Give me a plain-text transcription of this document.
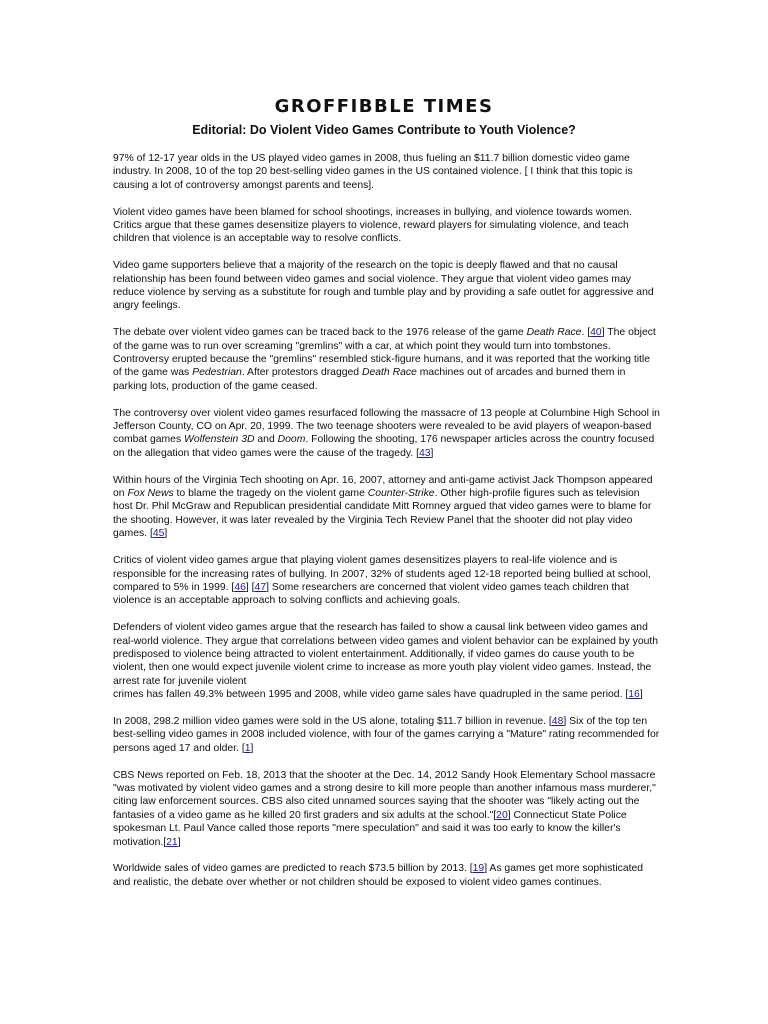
GROFFIBBLE TIMES
Editorial: Do Violent Video Games Contribute to Youth Violence?

97% of 12-17 year olds in the US played video games in 2008, thus fueling an $11.7 billion domestic video game industry. In 2008, 10 of the top 20 best-selling video games in the US contained violence. [ I think that this topic is causing a lot of controversy amongst parents and teens].

Violent video games have been blamed for school shootings, increases in bullying, and violence towards women. Critics argue that these games desensitize players to violence, reward players for simulating violence, and teach children that violence is an acceptable way to resolve conflicts.

Video game supporters believe that a majority of the research on the topic is deeply flawed and that no causal relationship has been found between video games and social violence. They argue that violent video games may reduce violence by serving as a substitute for rough and tumble play and by providing a safe outlet for aggressive and angry feelings.

The debate over violent video games can be traced back to the 1976 release of the game Death Race. [40] The object of the game was to run over screaming "gremlins" with a car, at which point they would turn into tombstones. Controversy erupted because the "gremlins" resembled stick-figure humans, and it was reported that the working title of the game was Pedestrian. After protestors dragged Death Race machines out of arcades and burned them in parking lots, production of the game ceased.

The controversy over violent video games resurfaced following the massacre of 13 people at Columbine High School in Jefferson County, CO on Apr. 20, 1999. The two teenage shooters were revealed to be avid players of weapon-based combat games Wolfenstein 3D and Doom. Following the shooting, 176 newspaper articles across the country focused on the allegation that video games were the cause of the tragedy. [43]

Within hours of the Virginia Tech shooting on Apr. 16, 2007, attorney and anti-game activist Jack Thompson appeared on Fox News to blame the tragedy on the violent game Counter-Strike. Other high-profile figures such as television host Dr. Phil McGraw and Republican presidential candidate Mitt Romney argued that video games were to blame for the shooting. However, it was later revealed by the Virginia Tech Review Panel that the shooter did not play video games. [45]

Critics of violent video games argue that playing violent games desensitizes players to real-life violence and is responsible for the increasing rates of bullying. In 2007, 32% of students aged 12-18 reported being bullied at school, compared to 5% in 1999. [46] [47] Some researchers are concerned that violent video games teach children that violence is an acceptable approach to solving conflicts and achieving goals.

Defenders of violent video games argue that the research has failed to show a causal link between video games and real-world violence. They argue that correlations between video games and violent behavior can be explained by youth predisposed to violence being attracted to violent entertainment. Additionally, if video games do cause youth to be violent, then one would expect juvenile violent crime to increase as more youth play violent video games. Instead, the arrest rate for juvenile violent
crimes has fallen 49.3% between 1995 and 2008, while video game sales have quadrupled in the same period. [16]

In 2008, 298.2 million video games were sold in the US alone, totaling $11.7 billion in revenue. [48] Six of the top ten best-selling video games in 2008 included violence, with four of the games carrying a "Mature" rating recommended for persons aged 17 and older. [1]

CBS News reported on Feb. 18, 2013 that the shooter at the Dec. 14, 2012 Sandy Hook Elementary School massacre "was motivated by violent video games and a strong desire to kill more people than another infamous mass murderer," citing law enforcement sources. CBS also cited unnamed sources saying that the shooter was "likely acting out the fantasies of a video game as he killed 20 first graders and six adults at the school."[20] Connecticut State Police spokesman Lt. Paul Vance called those reports "mere speculation" and said it was too early to know the killer's motivation.[21]

Worldwide sales of video games are predicted to reach $73.5 billion by 2013. [19] As games get more sophisticated and realistic, the debate over whether or not children should be exposed to violent video games continues.
